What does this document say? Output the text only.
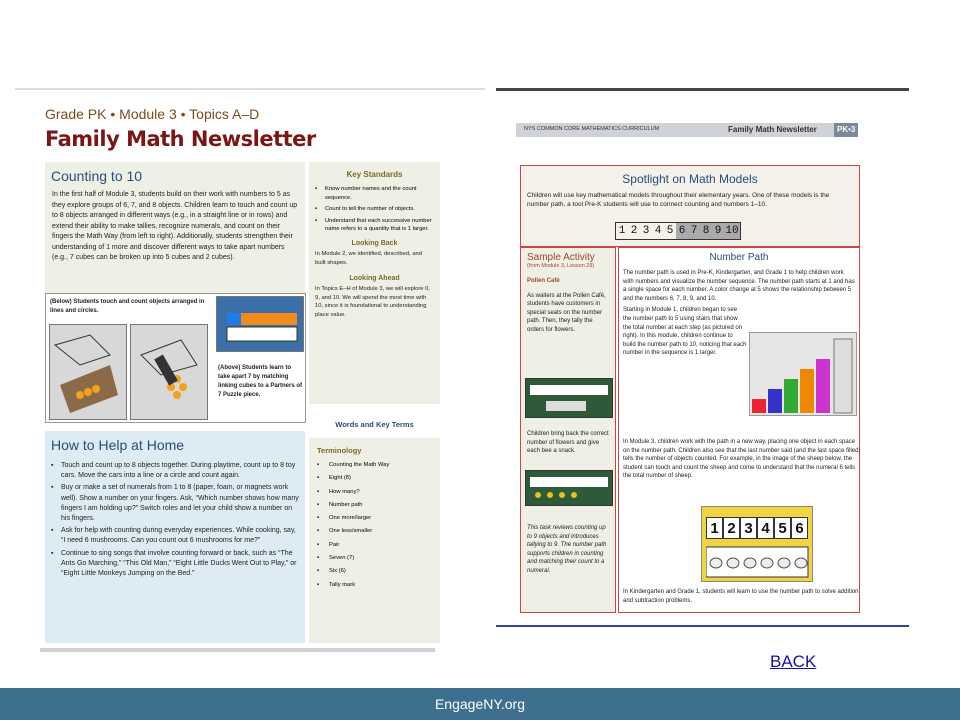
Grade PK • Module 3 • Topics A–D
Family Math Newsletter
Counting to 10

In the first half of Module 3, students build on their work with numbers to 5 as they explore groups of 6, 7, and 8 objects. Children learn to touch and count up to 8 objects arranged in different ways (e.g., in a straight line or in rows) and extend their ability to make tallies, recognize numerals, and count on their fingers the Math Way (from left to right). Additionally, students strengthen their understanding of 1 more and discover different ways to take apart numbers (e.g., 7 cubes can be broken up into 5 cubes and 2 cubes).

(Below) Students touch and count objects arranged in lines and circles.
(Above) Students learn to take apart 7 by matching linking cubes to a Partners of 7 Puzzle piece.
How to Help at Home
▪ Touch and count up to 8 objects together. During playtime, count up to 8 toy cars. Move the cars into a line or a circle and count again.
▪ Buy or make a set of numerals from 1 to 8 (paper, foam, or magnets work well). Show a number on your fingers. Ask, “Which number shows how many fingers I am holding up?” Switch roles and let your child show a number on his fingers.
▪ Ask for help with counting during everyday experiences. While cooking, say, “I need 6 mushrooms. Can you count out 6 mushrooms for me?”
▪ Continue to sing songs that involve counting forward or back, such as “The Ants Go Marching,” “This Old Man,” “Eight Little Ducks Went Out to Play,” or “Eight Little Monkeys Jumping on the Bed.”
Key Standards
▪ Know number names and the count sequence.
▪ Count to tell the number of objects.
▪ Understand that each successive number name refers to a quantity that is 1 larger.
Looking Back
In Module 2, we identified, described, and built shapes.
Looking Ahead
In Topics E–H of Module 3, we will explore 0, 9, and 10. We will spend the most time with 10, since it is foundational to understanding place value.
Words and Key Terms
Terminology
▪ Counting the Math Way
▪ Eight (8)
▪ How many?
▪ Number path
▪ One more/larger
▪ One less/smaller
▪ Pair
▪ Seven (7)
▪ Six (6)
▪ Tally mark
NYS COMMON CORE MATHEMATICS CURRICULUM	Family Math Newsletter	PK•3
Spotlight on Math Models

Children will use key mathematical models throughout their elementary years. One of these models is the number path, a tool Pre-K students will use to connect counting and numbers 1–10.

1 2 3 4 5 6 7 8 9 10
Sample Activity
(from Module 3, Lesson 29)
Pollen Café
As waiters at the Pollen Café, students have customers in special seats on the number path. Then, they tally the orders for flowers.
Children bring back the correct number of flowers and give each bee a snack.
This task reviews counting up to 9 objects and introduces tallying to 9. The number path supports children in counting and matching their count to a numeral.
Number Path

The number path is used in Pre-K, Kindergarten, and Grade 1 to help children work with numbers and visualize the number sequence. The number path starts at 1 and has a single space for each number. A color change at 5 shows the relationship between 5 and the numbers 6, 7, 8, 9, and 10.

Starting in Module 1, children began to see the number path to 5 using stairs that show the total number at each step (as pictured on right). In this module, children continue to build the number path to 10, noticing that each number in the sequence is 1 larger.

In Module 3, children work with the path in a new way, placing one object in each space on the number path. Children also see that the last number said (and the last space filled) tells the number of objects counted. For example, in the image of the sheep below, the student can touch and count the sheep and come to understand that the numeral 6 tells the total number of sheep.

1 2 3 4 5 6

In Kindergarten and Grade 1, students will learn to use the number path to solve addition and subtraction problems.

BACK
EngageNY.org
